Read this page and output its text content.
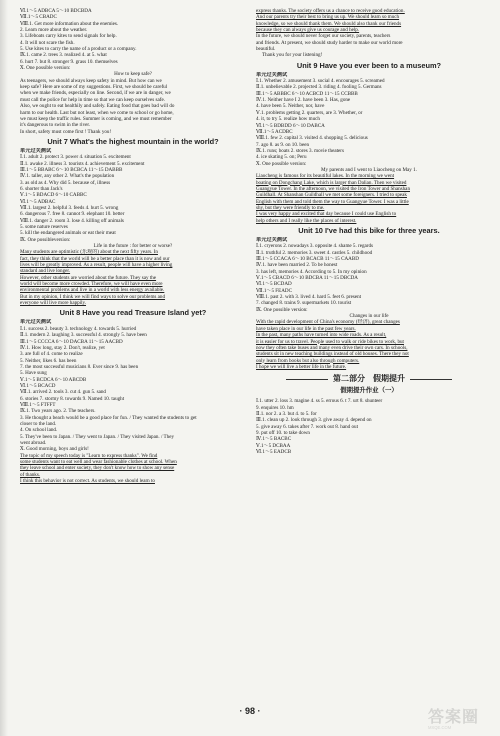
Ⅵ.1～5 ADBCA 5～10 BDCBDA
Ⅶ.1～5 CBADC
Ⅷ.1. Get more information about the enemies.
2. Learn more about the weather.
3. Lifeboats carry kites to send signals for help.
4. It will not scare the fish.
5. Use kites to carry the name of a product or a company.
Ⅸ.1. came 2. trees 3. realized 4. at 5. what
6. hurt 7. but 8. stronger 9. grass 10. themselves
Ⅹ. One possible version:
How to keep safe?
As teenagers, we should always keep safety in mind. But how can we
keep safe? Here are some of my suggestions. First, we should be careful
when we make friends, especially on line. Second, if we are in danger, we
must call the police for help in time so that we can keep ourselves safe.
Also, we ought to eat healthily and safely. Eating food that goes bad will do
harm to our health. Last but not least, when we come to school or go home,
we must keep the traffic rules. Summer is coming, and we must remember
it's dangerous to swim in the river.
In short, safety must come first ! Thank you!
Unit 7 What's the highest mountain in the world?
单元过关测试
Ⅰ.1. adult 2. protect 3. power 4. situation 5. excitement
Ⅱ.1. awake 2. illness 3. tourists 4. achievement 5. excitement
Ⅲ.1～5 BBABC 6～10 BCBCA 11～15 DABBB
Ⅳ.1. taller, any other 2. What's the population
3. as old as 4. Why did 5. because of, illness
6. shorter than Jack's
Ⅴ.1～5 BDACD 6～10 CABBC
Ⅵ.1～5 ADBAC
Ⅶ.1. largest 2. helpful 3. feeds 4. hurt 5. wrong
6. dangerous 7. free 8. cannot 9. elephant 10. better
Ⅷ.1. danger 2. room 3. lose 4. killing off animals
5. some nature reserves
5. kill the endangered animals or eat their meat
Ⅸ. One possibleversion:
Life in the future : for better or worse?
Many students are optimistic (乐观的) about the next fifty years. In
fact, they think that the world will be a better place than it is now and our
lives will be greatly improved. As a result, people will have a higher living
standard and live longer.
However, other students are worried about the future. They say the
world will become more crowded. Therefore, we will have even more
environmental problems and live in a world with less energy available.
But in my opinion, I think we will find ways to solve our problems and
everyone will live more happily.
Unit 8 Have you read Treasure Island yet?
单元过关测试
Ⅰ.1. success 2. beauty 3. technology 4. towards 5. hurried
Ⅱ.1. modern 2. laughing 3. successful 4. strongly 5. have been
Ⅲ.1～5 CCCCA 6～10 DACBA 11～15 AACBD
Ⅳ.1. How long, stay 2. Don't, realize, yet
3. are full of 4. come to realize
5. Neither, likes 6. has been
7. the most successful musicians 8. Ever since 9. has been
5. Have sung
Ⅴ.1～5 BCDCA 6～10 ABCDB
Ⅵ.1～5 BCACD
Ⅶ.1. arrived 2. tools 3. cut 4. gun 5. sand
6. stories 7. stormy 8. towards 9. Named 10. taught
Ⅷ.1～5 FTFFT
Ⅸ.1. Two years ago. 2. The teachers.
3. He thought a beach would be a good place for fun. / They wanted the students to get
closer to the land.
4. On school land.
5. They've been to Japan. / They went to Japan. / They visited Japan. / They
went abroad.
Ⅹ. Good morning, boys and girls!
The topic of my speech today is "Learn to express thanks". We find
some students want to eat well and wear fashionable clothes at school. When
they leave school and enter society, they don't know how to show any sense
of thanks.
I think this behavior is not correct. As students, we should learn to
express thanks. The society offers us a chance to receive good education.
And our parents try their best to bring us up. We should learn so much
knowledge, so we should thank them. We should also thank our friends
because they can always give us courage and help.
In the future, we should never forget our society, parents, teachers
and friends. At present, we should study harder to make our world more
beautiful.
Thank you for your listening!
Unit 9 Have you ever been to a museum?
单元过关测试
Ⅰ.1. Whether 2. amusement 3. social 4. encourages 5. screamed
Ⅱ.1. unbelievable 2. projected 3. riding 4. fooling 5. Germans
Ⅲ.1～5 ABBBC 6～10 ACBCD 11～15 CCBBB
Ⅳ.1. Neither have I 2. have been 3. Has, gone
4. have been 5. Neither, nor, have
Ⅴ.1. problems getting 2. quarters, are 3. Whether, or
4. it, to try 5. realize how much
Ⅵ.1～5 BDBDD 6～10 DABCA
Ⅶ.1～5 ACDBC
Ⅷ.1. few 2. capital 3. visited 4. shopping 5. delicious
7. ago 8. as 9. on 10. been
Ⅸ.1. runs; boats 2. stores 3. movie theaters
4. ice skating 5. on; Peru
Ⅹ. One possible version:
My parents and I went to Liaocheng on May 1.
Liaocheng is famous for its beautiful lakes. In the morning we went
boating on Dongchang Lake, which is larger than Dalian. Then we visited
Guangyue Tower. In the afternoon, we visited the Iron Tower and Shanshan
Guildhall. At Shanshan Guildhall we met some foreigners. I tried to speak
English with them and told them the way to Guangyue Tower. I was a little
shy, but they were friendly to me.
I was very happy and excited that day because I could use English to
help others and I really like the places of interest.
Unit 10 I've had this bike for three years.
单元过关测试
Ⅰ.1. cryerons 2. nowadays 3. opposite 4. shame 5. regards
Ⅱ.1. truthful 2. memories 3. sweet 4. castles 5. childhood
Ⅲ.1～5 CCACA 6～10 BCACB 11～15 CAABD
Ⅳ.1. have been married 2. To be honest
3. has left, memories 4. According to 5. In my opinion
Ⅴ.1～5 CBACD 6～10 BDCBA 11～15 DBCDA
Ⅵ.1～5 BCDAD
Ⅶ.1～5 FEADC
Ⅷ.1. past 2. with 3. lived 4. hard 5. feet 6. present
7. changed 8. trains 9. supermarkets 10. tourist
Ⅸ. One possible version:
Changes in our life
With the rapid development of China's economy (经济), great changes
have taken place in our life in the past few years.
In the past, many paths have turned into wide roads. As a result,
it is easier for us to travel. People used to walk or ride bikes to work, but
now they often take buses and many even drive their own cars. In schools,
students sit in new teaching buildings instead of old houses. There they not
only learn from books but also through computers.
I hope we will live a better life in the future.
第二部分　假期提升
假期提升作业（一）
Ⅰ.1. utter 2. loss 3. magine 4. ss 5. errous 6. t 7. urt 8. shunteer
9. enquires 10. hm
Ⅱ.1. nor 2. a 3. but 4. to 5. for
Ⅲ.1. clean up 2. look through 3. give away 4. depend on
5. give away 6. takes after 7. work out 8. hand out
9. put off 10. to take down
Ⅳ.1～5 BACBC
Ⅴ.1～5 DCBAA
Ⅵ.1～5 EADCB
· 98 ·	答案圈
MXQE.COM
